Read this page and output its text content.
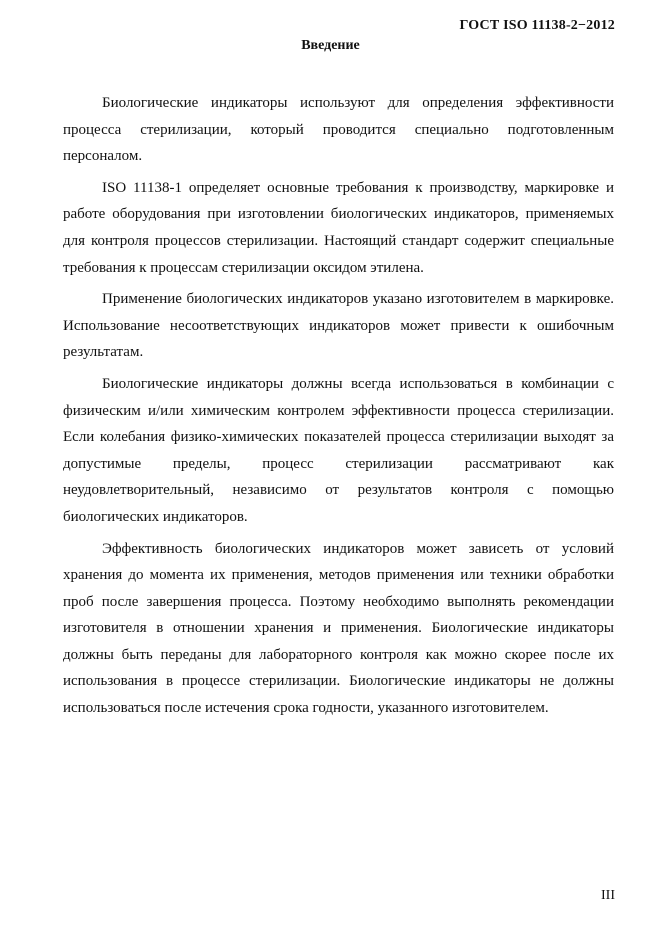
ГОСТ ISO 11138-2−2012
Введение

Биологические индикаторы используют для определения эффективности процесса стерилизации, который проводится специально подготовленным персоналом.

ISO 11138-1 определяет основные требования к производству, маркировке и работе оборудования при изготовлении биологических индикаторов, применяемых для контроля процессов стерилизации. Настоящий стандарт содержит специальные требования к процессам стерилизации оксидом этилена.

Применение биологических индикаторов указано изготовителем в маркировке. Использование несоответствующих индикаторов может привести к ошибочным результатам.

Биологические индикаторы должны всегда использоваться в комбинации с физическим и/или химическим контролем эффективности процесса стерилизации. Если колебания физико-химических показателей процесса стерилизации выходят за допустимые пределы, процесс стерилизации рассматривают как неудовлетворительный, независимо от результатов контроля с помощью биологических индикаторов.

Эффективность биологических индикаторов может зависеть от условий хранения до момента их применения, методов применения или техники обработки проб после завершения процесса. Поэтому необходимо выполнять рекомендации изготовителя в отношении хранения и применения. Биологические индикаторы должны быть переданы для лабораторного контроля как можно скорее после их использования в процессе стерилизации. Биологические индикаторы не должны использоваться после истечения срока годности, указанного изготовителем.

III
